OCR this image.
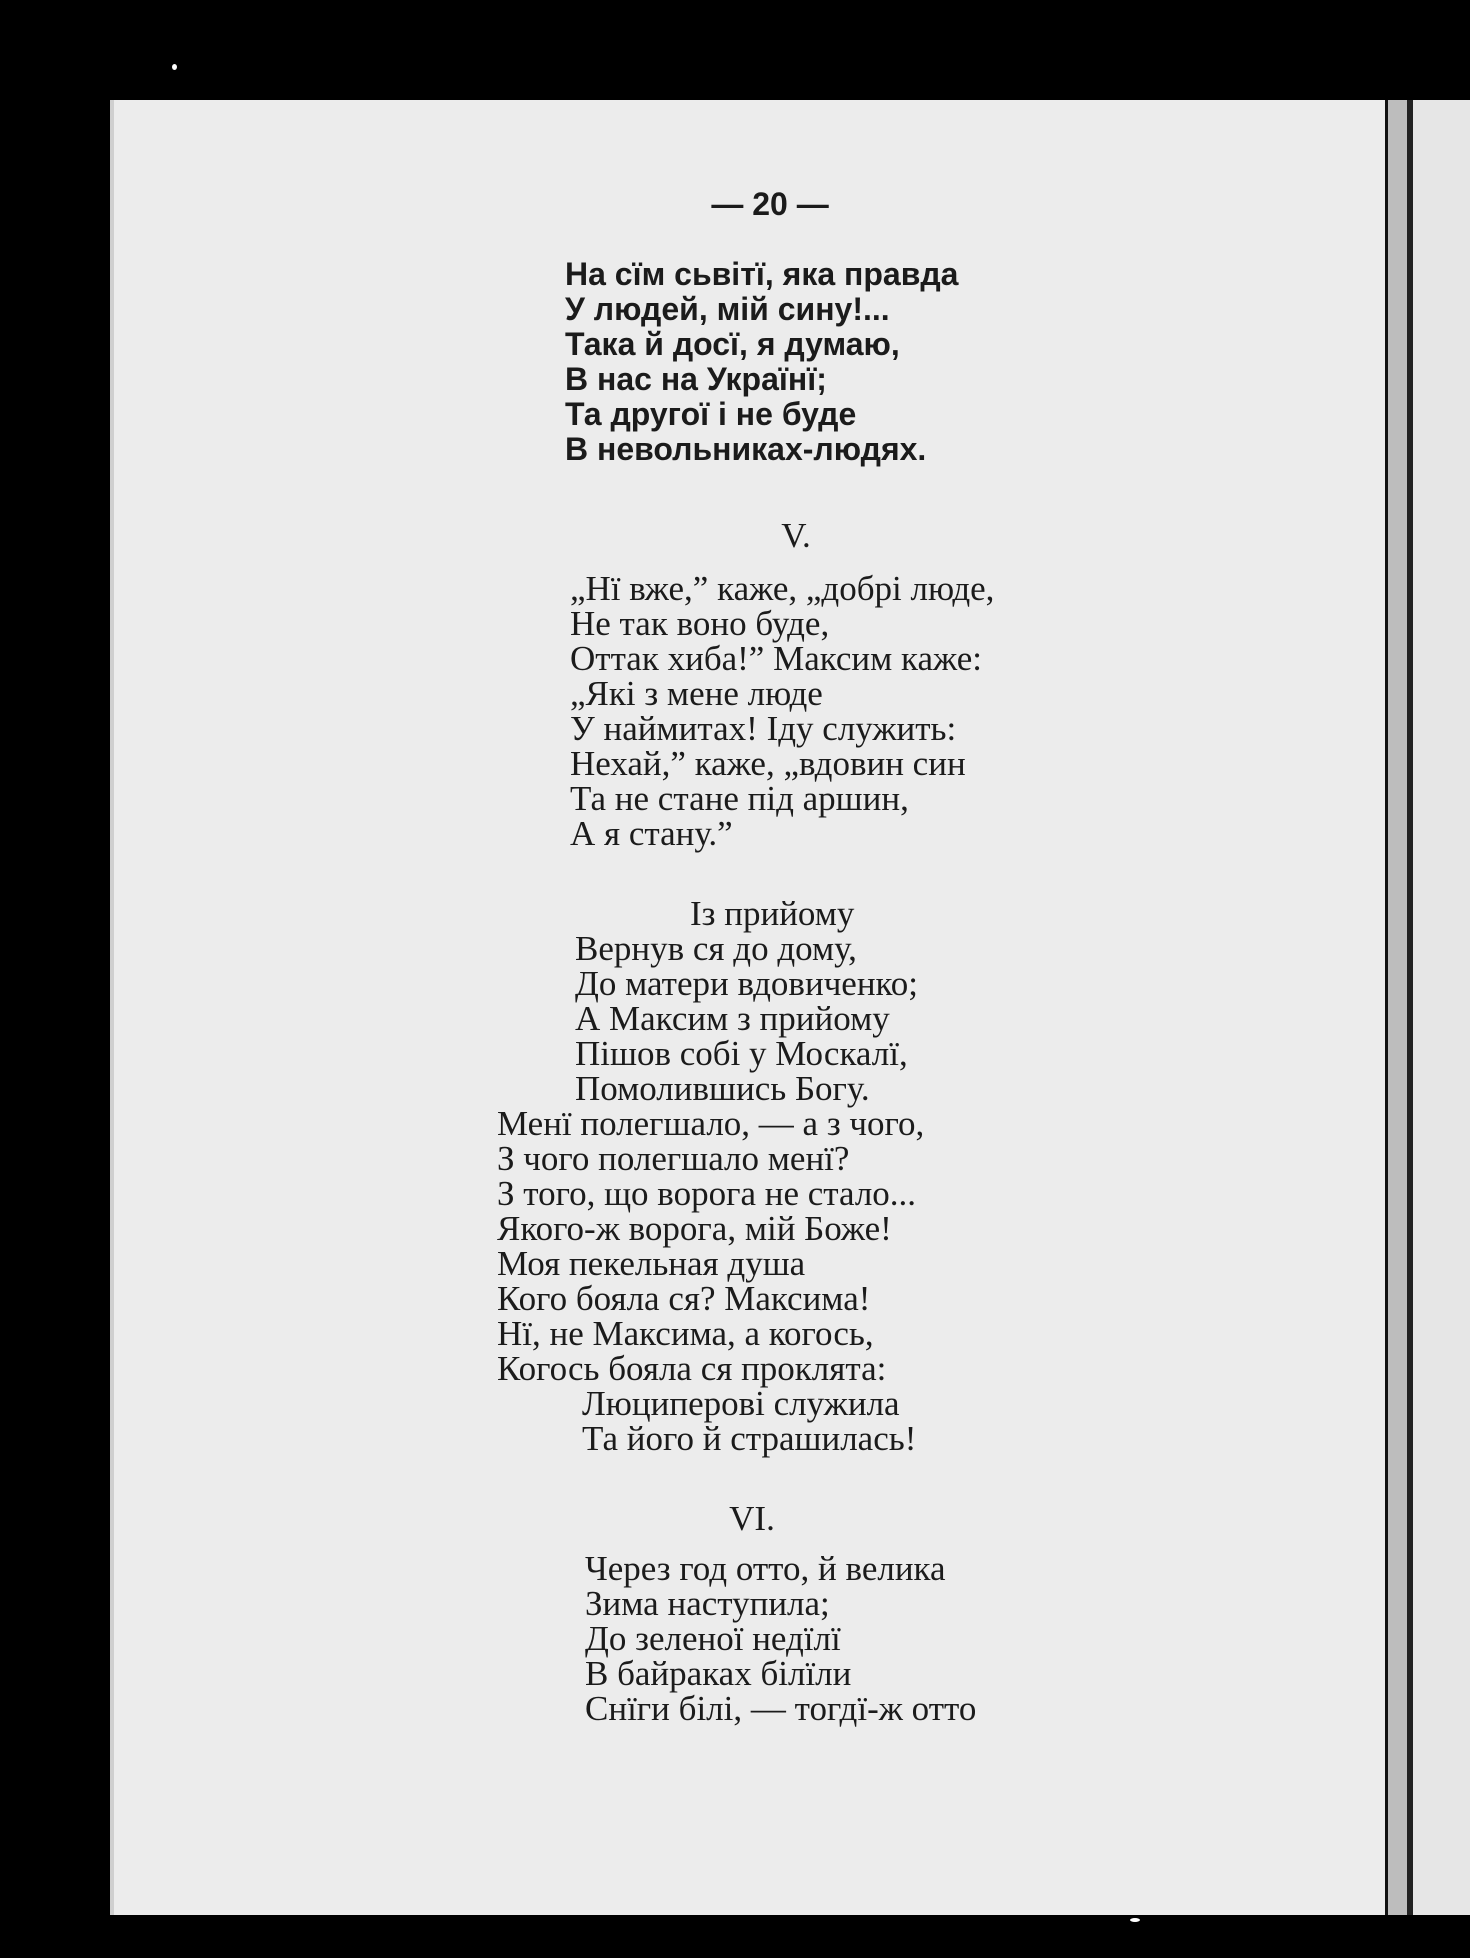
— 20 —
На сїм сьвітї, яка правда
У людей, мій сину!...
Така й досї, я думаю,
В нас на Українї;
Та другої і не буде
В невольниках-людях.
V.
„Нї вже,” каже, „добрі люде,
Не так воно буде,
Оттак хиба!” Максим каже:
„Які з мене люде
У наймитах! Іду служить:
Нехай,” каже, „вдовин син
Та не стане під аршин,
А я стану.”
Із прийому
Вернув ся до дому,
До матери вдовиченко;
А Максим з прийому
Пішов собі у Москалї,
Помолившись Богу.
Менї полегшало, — а з чого,
З чого полегшало менї?
З того, що ворога не стало...
Якого-ж ворога, мій Боже!
Моя пекельная душа
Кого бояла ся? Максима!
Нї, не Максима, а когось,
Когось бояла ся проклята:
Люциперові служила
Та його й страшилась!
VI.
Через год отто, й велика
Зима наступила;
До зеленої недїлї
В байраках білїли
Снїги білі, — тогдї-ж отто
